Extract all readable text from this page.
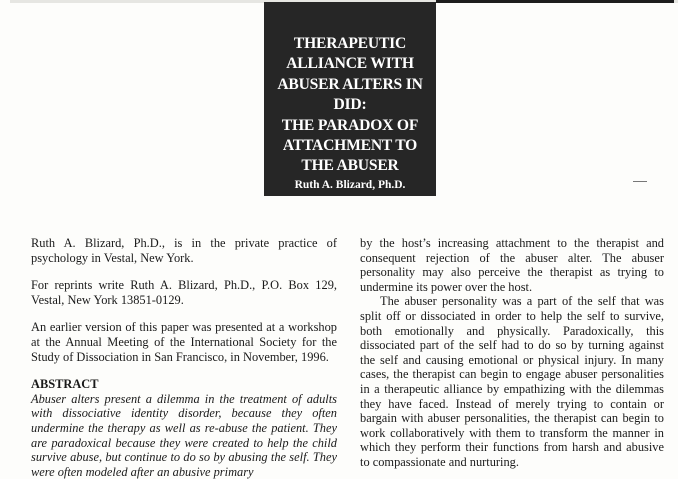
THERAPEUTIC
ALLIANCE WITH
ABUSER ALTERS IN DID:
THE PARADOX OF
ATTACHMENT TO
THE ABUSER
Ruth A. Blizard, Ph.D.

Ruth A. Blizard, Ph.D., is in the private practice of psychology in Vestal, New York.

For reprints write Ruth A. Blizard, Ph.D., P.O. Box 129, Vestal, New York 13851-0129.

An earlier version of this paper was presented at a workshop at the Annual Meeting of the International Society for the Study of Dissociation in San Francisco, in November, 1996.

ABSTRACT

Abuser alters present a dilemma in the treatment of adults with dissociative identity disorder, because they often undermine the therapy as well as re-abuse the patient. They are paradoxical because they were created to help the child survive abuse, but continue to do so by abusing the self. They were often modeled after an abusive primary

by the host’s increasing attachment to the therapist and consequent rejection of the abuser alter. The abuser personality may also perceive the therapist as trying to undermine its power over the host.

The abuser personality was a part of the self that was split off or dissociated in order to help the self to survive, both emotionally and physically. Paradoxically, this dissociated part of the self had to do so by turning against the self and causing emotional or physical injury. In many cases, the therapist can begin to engage abuser personalities in a therapeutic alliance by empathizing with the dilemmas they have faced. Instead of merely trying to contain or bargain with abuser personalities, the therapist can begin to work collaboratively with them to transform the manner in which they perform their functions from harsh and abusive to compassionate and nurturing.
